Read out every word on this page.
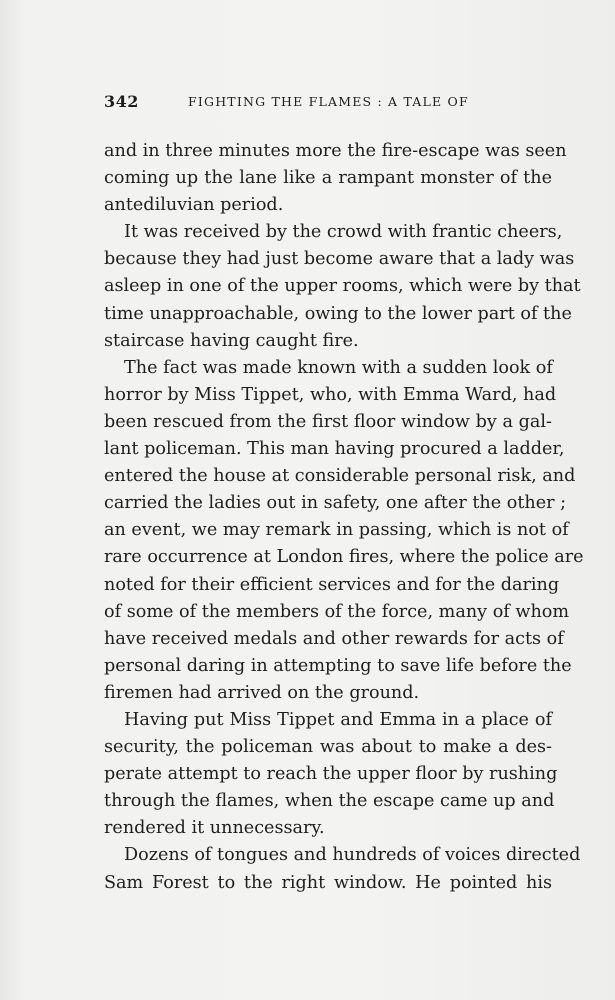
342	FIGHTING THE FLAMES : A TALE OF
and in three minutes more the fire-escape was seen
coming up the lane like a rampant monster of the
antediluvian period.
It was received by the crowd with frantic cheers,
because they had just become aware that a lady was
asleep in one of the upper rooms, which were by that
time unapproachable, owing to the lower part of the
staircase having caught fire.
The fact was made known with a sudden look of
horror by Miss Tippet, who, with Emma Ward, had
been rescued from the first floor window by a gal-
lant policeman. This man having procured a ladder,
entered the house at considerable personal risk, and
carried the ladies out in safety, one after the other ;
an event, we may remark in passing, which is not of
rare occurrence at London fires, where the police are
noted for their efficient services and for the daring
of some of the members of the force, many of whom
have received medals and other rewards for acts of
personal daring in attempting to save life before the
firemen had arrived on the ground.
Having put Miss Tippet and Emma in a place of
security, the policeman was about to make a des-
perate attempt to reach the upper floor by rushing
through the flames, when the escape came up and
rendered it unnecessary.
Dozens of tongues and hundreds of voices directed
Sam Forest to the right window. He pointed his
